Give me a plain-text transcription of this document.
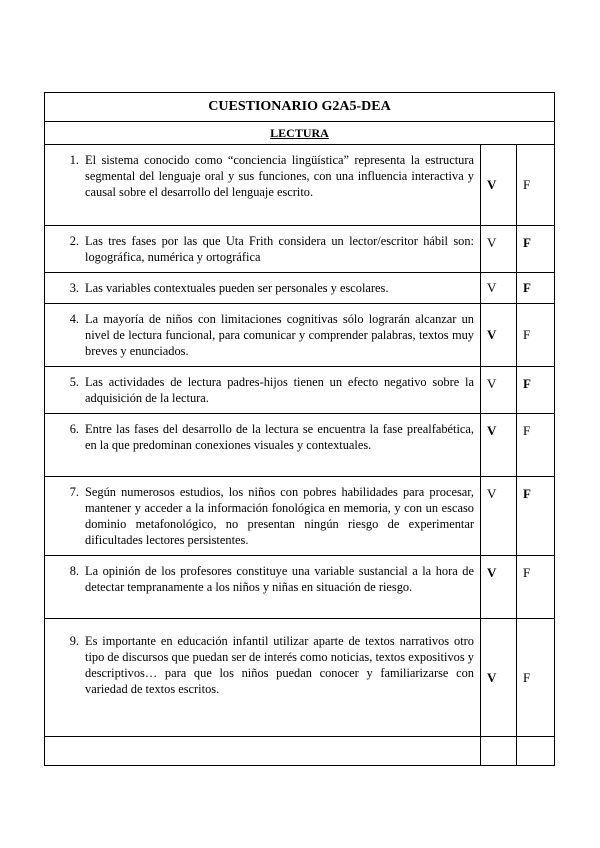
CUESTIONARIO G2A5-DEA		
LECTURA		

1. El sistema conocido como “conciencia lingüística” representa la estructura segmental del lenguaje oral y sus funciones, con una influencia interactiva y causal sobre el desarrollo del lenguaje escrito.	V	F

2. Las tres fases por las que Uta Frith considera un lector/escritor hábil son: logográfica, numérica y ortográfica	V	F

3. Las variables contextuales pueden ser personales y escolares.	V	F

4. La mayoría de niños con limitaciones cognitivas sólo lograrán alcanzar un nivel de lectura funcional, para comunicar y comprender palabras, textos muy breves y enunciados.	V	F

5. Las actividades de lectura padres-hijos tienen un efecto negativo sobre la adquisición de la lectura.	V	F

6. Entre las fases del desarrollo de la lectura se encuentra la fase prealfabética, en la que predominan conexiones visuales y contextuales.	V	F

7. Según numerosos estudios, los niños con pobres habilidades para procesar, mantener y acceder a la información fonológica en memoria, y con un escaso dominio metafonológico, no presentan ningún riesgo de experimentar dificultades lectores persistentes.	V	F

8. La opinión de los profesores constituye una variable sustancial a la hora de detectar tempranamente a los niños y niñas en situación de riesgo.	V	F

9. Es importante en educación infantil utilizar aparte de textos narrativos otro tipo de discursos que puedan ser de interés como noticias, textos expositivos y descriptivos… para que los niños puedan conocer y familiarizarse con variedad de textos escritos.	V	F
